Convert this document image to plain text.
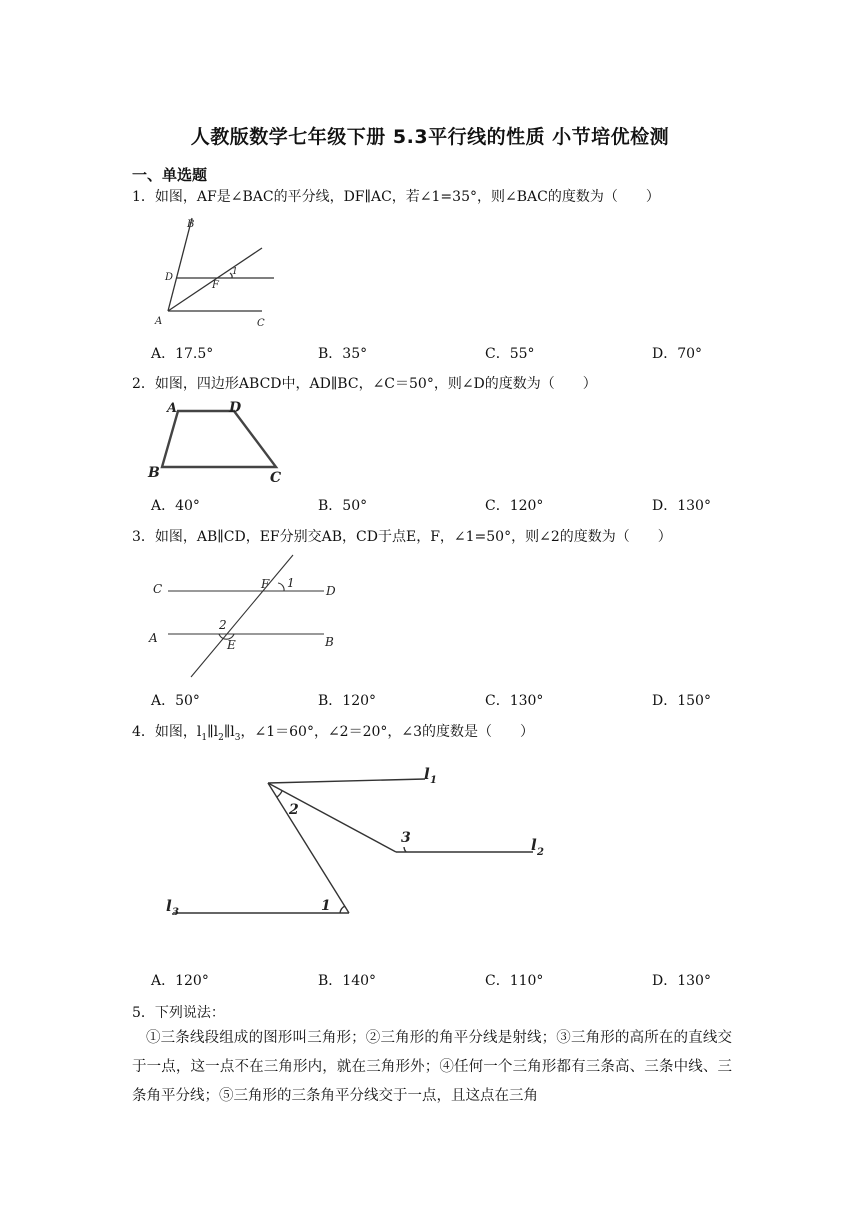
人教版数学七年级下册 5.3平行线的性质 小节培优检测
一、单选题
1．如图，AF是∠BAC的平分线，DF∥AC，若∠1=35°，则∠BAC的度数为（　　）
B
D
F
1
A	C
A．17.5°	B．35°	C．55°	D．70°
2．如图，四边形ABCD中，AD∥BC，∠C＝50°，则∠D的度数为（　　）
A	D
B	C
A．40°	B．50°	C．120°	D．130°
3．如图，AB∥CD，EF分别交AB，CD于点E，F，∠1=50°，则∠2的度数为（　　）
C	F 1
D
2
A	E	B
A．50°	B．120°	C．130°	D．150°
4．如图，$l_1\parallel l_2\parallel l_3$，∠1＝60°，∠2＝20°，∠3的度数是（　　）
l 1
l 2
l 3
2
3
1
A．120°	B．140°	C．110°	D．130°
5．下列说法：

①三条线段组成的图形叫三角形；②三角形的角平分线是射线；③三角形的高所在的直线交于一点，这一点不在三角形内，就在三角形外；④任何一个三角形都有三条高、三条中线、三条角平分线；⑤三角形的三条角平分线交于一点，且这点在三角
